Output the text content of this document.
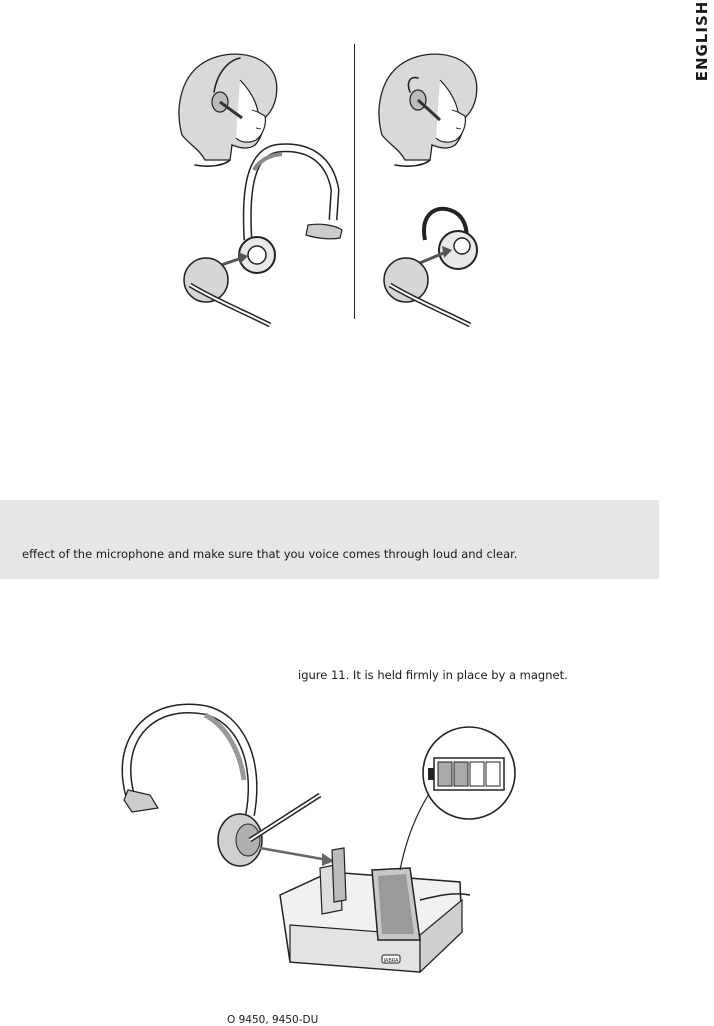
ENGLISH
effect of the microphone and make sure that you voice comes through loud and clear.
igure 11. It is held firmly in place by a magnet.
JABRA
O 9450, 9450-DU
